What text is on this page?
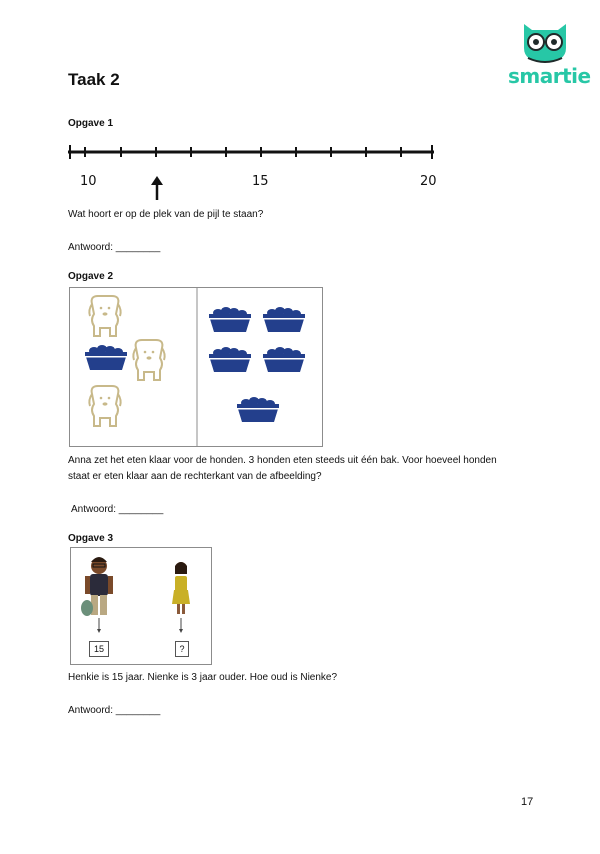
smartie
Taak 2
Opgave 1
10	15	20
Wat hoort er op de plek van de pijl te staan?
Antwoord: ________
Opgave 2
Anna zet het eten klaar voor de honden. 3 honden eten steeds uit één bak. Voor hoeveel honden
staat er eten klaar aan de rechterkant van de afbeelding?
Antwoord: ________
Opgave 3
15	?
Henkie is 15 jaar. Nienke is 3 jaar ouder. Hoe oud is Nienke?
Antwoord: ________
17
